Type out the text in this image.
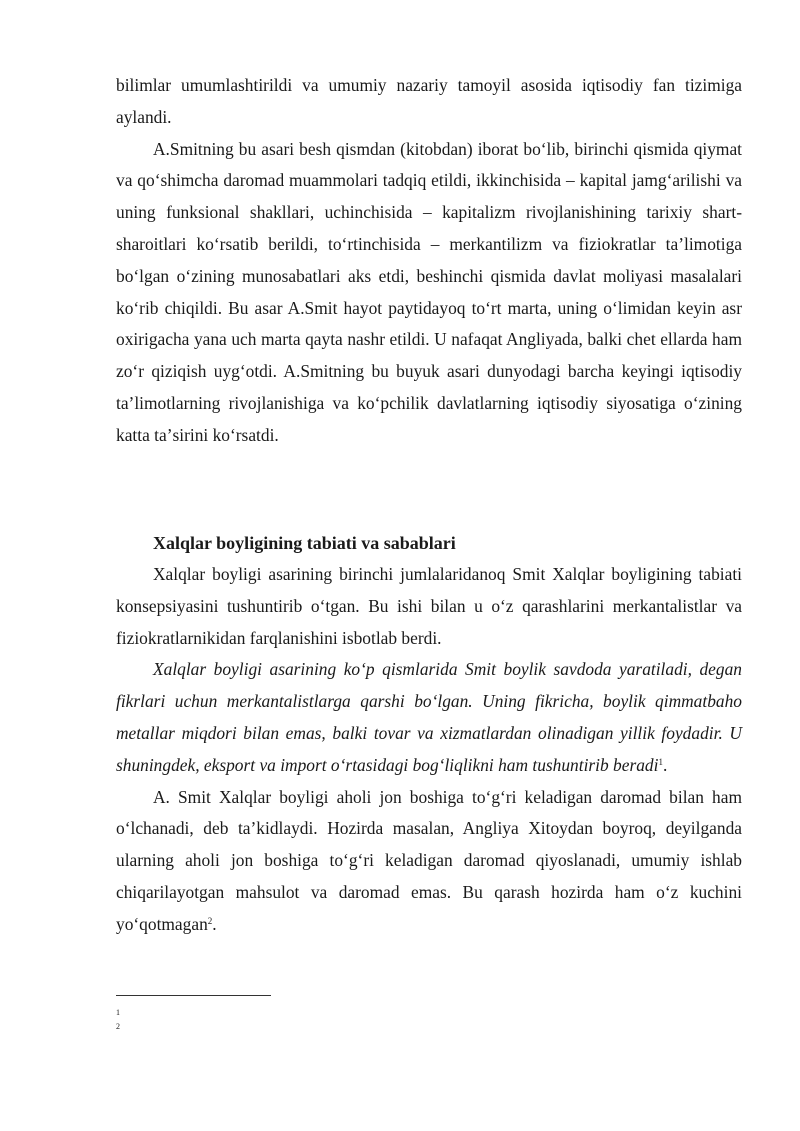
bilimlar umumlashtirildi va umumiy nazariy tamoyil asosida iqtisodiy fan tizimiga aylandi.

A.Smitning bu asari besh qismdan (kitobdan) iborat boʻlib, birinchi qismida qiymat va qoʻshimcha daromad muammolari tadqiq etildi, ikkinchisida – kapital jamgʻarilishi va uning funksional shakllari, uchinchisida – kapitalizm rivojlanishining tarixiy shart-sharoitlari koʻrsatib berildi, toʻrtinchisida – merkantilizm va fiziokratlar taʼlimotiga boʻlgan oʻzining munosabatlari aks etdi, beshinchi qismida davlat moliyasi masalalari koʻrib chiqildi. Bu asar A.Smit hayot paytidayoq toʻrt marta, uning oʻlimidan keyin asr oxirigacha yana uch marta qayta nashr etildi. U nafaqat Angliyada, balki chet ellarda ham zoʻr qiziqish uygʻotdi. A.Smitning bu buyuk asari dunyodagi barcha keyingi iqtisodiy taʼlimotlarning rivojlanishiga va koʻpchilik davlatlarning iqtisodiy siyosatiga oʻzining katta taʼsirini koʻrsatdi.

Xalqlar boyligining tabiati va sabablari

Xalqlar boyligi asarining birinchi jumlalaridanoq Smit Xalqlar boyligining tabiati konsepsiyasini tushuntirib oʻtgan. Bu ishi bilan u oʻz qarashlarini merkantalistlar va fiziokratlarnikidan farqlanishini isbotlab berdi.

Xalqlar boyligi asarining koʻp qismlarida Smit boylik savdoda yaratiladi, degan fikrlari uchun merkantalistlarga qarshi boʻlgan. Uning fikricha, boylik qimmatbaho metallar miqdori bilan emas, balki tovar va xizmatlardan olinadigan yillik foydadir. U shuningdek, eksport va import oʻrtasidagi bogʻliqlikni ham tushuntirib beradi$^1$.

A. Smit Xalqlar boyligi aholi jon boshiga toʻgʻri keladigan daromad bilan ham oʻlchanadi, deb taʼkidlaydi. Hozirda masalan, Angliya Xitoydan boyroq, deyilganda ularning aholi jon boshiga toʻgʻri keladigan daromad qiyoslanadi, umumiy ishlab chiqarilayotgan mahsulot va daromad emas. Bu qarash hozirda ham oʻz kuchini yoʻqotmagan$^2$.

1
2
